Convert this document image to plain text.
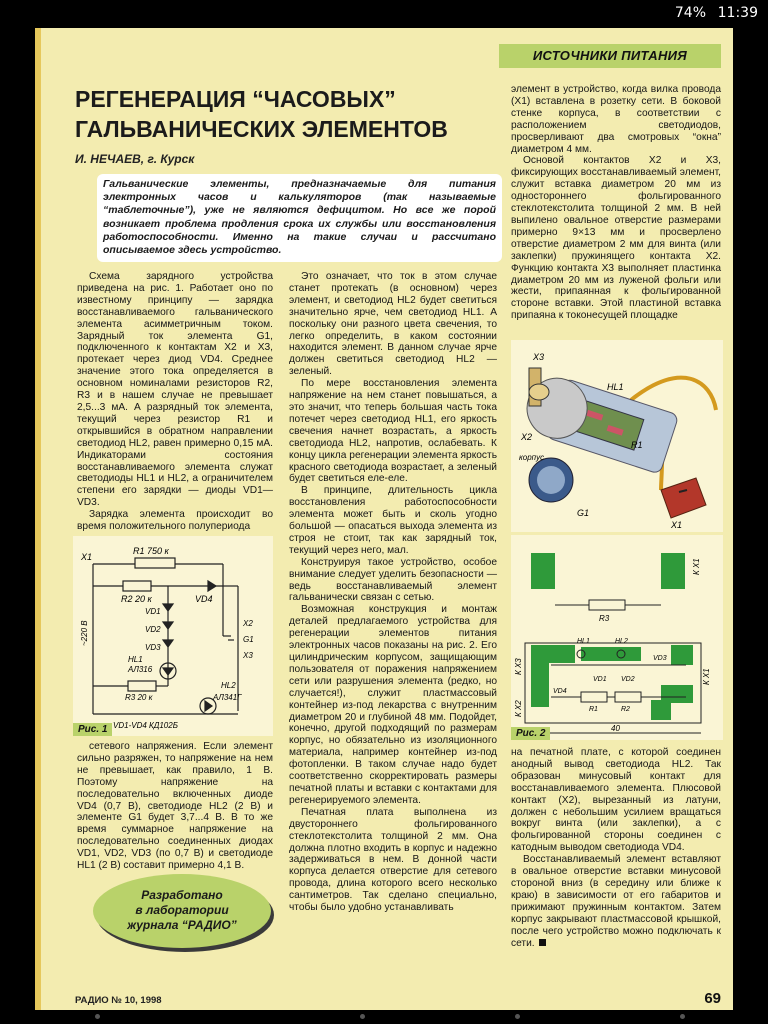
74% 11:39
ИСТОЧНИКИ ПИТАНИЯ
РЕГЕНЕРАЦИЯ “ЧАСОВЫХ”
ГАЛЬВАНИЧЕСКИХ ЭЛЕМЕНТОВ
И. НЕЧАЕВ, г. Курск
Гальванические элементы, предназначаемые для питания электронных часов и калькуляторов (так называемые “таблеточные”), уже не являются дефицитом. Но все же порой возникает проблема продления срока их службы или восстановления работоспособности. Именно на такие случаи и рассчитано описываемое здесь устройство.

Схема зарядного устройства приведена на рис. 1. Работает оно по известному принципу — зарядка восстанавливаемого гальванического элемента асимметричным током. Зарядный ток элемента G1, подключенного к контактам X2 и X3, протекает через диод VD4. Среднее значение этого тока определяется в основном номиналами резисторов R2, R3 и в нашем случае не превышает 2,5...3 мА. А разрядный ток элемента, текущий через резистор R1 и открывшийся в обратном направлении светодиод HL2, равен примерно 0,15 мА. Индикаторами состояния восстанавливаемого элемента служат светодиоды HL1 и HL2, а ограничителем степени его зарядки — диоды VD1—VD3.

Зарядка элемента происходит во время положительного полупериода

X1
R1 750 к
R2 20 к	VD4
VD1
VD2
VD3
X2
G1
X3
HL1
АЛ316
R3 20 к
HL2
АЛ341Г
~220 В
VD1-VD4 КД102Б
Рис. 1

сетевого напряжения. Если элемент сильно разряжен, то напряжение на нем не превышает, как правило, 1 В. Поэтому напряжение на последовательно включенных диоде VD4 (0,7 В), светодиоде HL2 (2 В) и элементе G1 будет 3,7...4 В. В то же время суммарное напряжение на последовательно соединенных диодах VD1, VD2, VD3 (по 0,7 В) и светодиоде HL1 (2 В) составит примерно 4,1 В.

Разработано
в лаборатории
журнала “РАДИО”

Это означает, что ток в этом случае станет протекать (в основном) через элемент, и светодиод HL2 будет светиться значительно ярче, чем светодиод HL1. А поскольку они разного цвета свечения, то легко определить, в каком состоянии находится элемент. В данном случае ярче должен светиться светодиод HL2 — зеленый.

По мере восстановления элемента напряжение на нем станет повышаться, а это значит, что теперь большая часть тока потечет через светодиод HL1, его яркость свечения начнет возрастать, а яркость светодиода HL2, напротив, ослабевать. К концу цикла регенерации элемента яркость красного светодиода возрастает, а зеленый будет светиться еле-еле.

В принципе, длительность цикла восстановления работоспособности элемента может быть и сколь угодно большой — опасаться выхода элемента из строя не стоит, так как зарядный ток, текущий через него, мал.

Конструируя такое устройство, особое внимание следует уделить безопасности — ведь восстанавливаемый элемент гальванически связан с сетью.

Возможная конструкция и монтаж деталей предлагаемого устройства для регенерации элементов питания электронных часов показаны на рис. 2. Его цилиндрическим корпусом, защищающим пользователя от поражения напряжением сети или разрушения элемента (редко, но случается!), служит пластмассовый контейнер из-под лекарства с внутренним диаметром 20 и глубиной 48 мм. Подойдет, конечно, другой подходящий по размерам корпус, но обязательно из изоляционного материала, например контейнер из-под фотопленки. В таком случае надо будет соответственно скорректировать размеры печатной платы и вставки с контактами для регенерируемого элемента.

Печатная плата выполнена из двустороннего фольгированного стеклотекстолита толщиной 2 мм. Она должна плотно входить в корпус и надежно задерживаться в нем. В донной части корпуса делается отверстие для сетевого провода, длина которого всего несколько сантиметров. Так сделано специально, чтобы было удобно устанавливать

элемент в устройство, когда вилка провода (X1) вставлена в розетку сети. В боковой стенке корпуса, в соответствии с расположением светодиодов, просверливают два смотровых “окна” диаметром 4 мм.

Основой контактов X2 и X3, фиксирующих восстанавливаемый элемент, служит вставка диаметром 20 мм из одностороннего фольгированного стеклотекстолита толщиной 2 мм. В ней выпилено овальное отверстие размерами примерно 9×13 мм и просверлено отверстие диаметром 2 мм для винта (или заклепки) пружинящего контакта X2. Функцию контакта X3 выполняет пластинка диаметром 20 мм из луженой фольги или жести, припаянная к фольгированной стороне вставки. Этой пластиной вставка припаяна к токонесущей площадке

X3
HL1
X2
корпус
R1
G1
X1
К X1
R3
К X3
HL1	HL2
VD3
VD1 VD2
VD4
R1	R2
К X2
К X1
40
Рис. 2

на печатной плате, с которой соединен анодный вывод светодиода HL2. Так образован минусовый контакт для восстанавливаемого элемента. Плюсовой контакт (X2), вырезанный из латуни, должен с небольшим усилием вращаться вокруг винта (или заклепки), а с фольгированной стороны соединен с катодным выводом светодиода VD4.

Восстанавливаемый элемент вставляют в овальное отверстие вставки минусовой стороной вниз (в середину или ближе к краю) в зависимости от его габаритов и прижимают пружинным контактом. Затем корпус закрывают пластмассовой крышкой, после чего устройство можно подключать к сети.

РАДИО № 10, 1998	69
